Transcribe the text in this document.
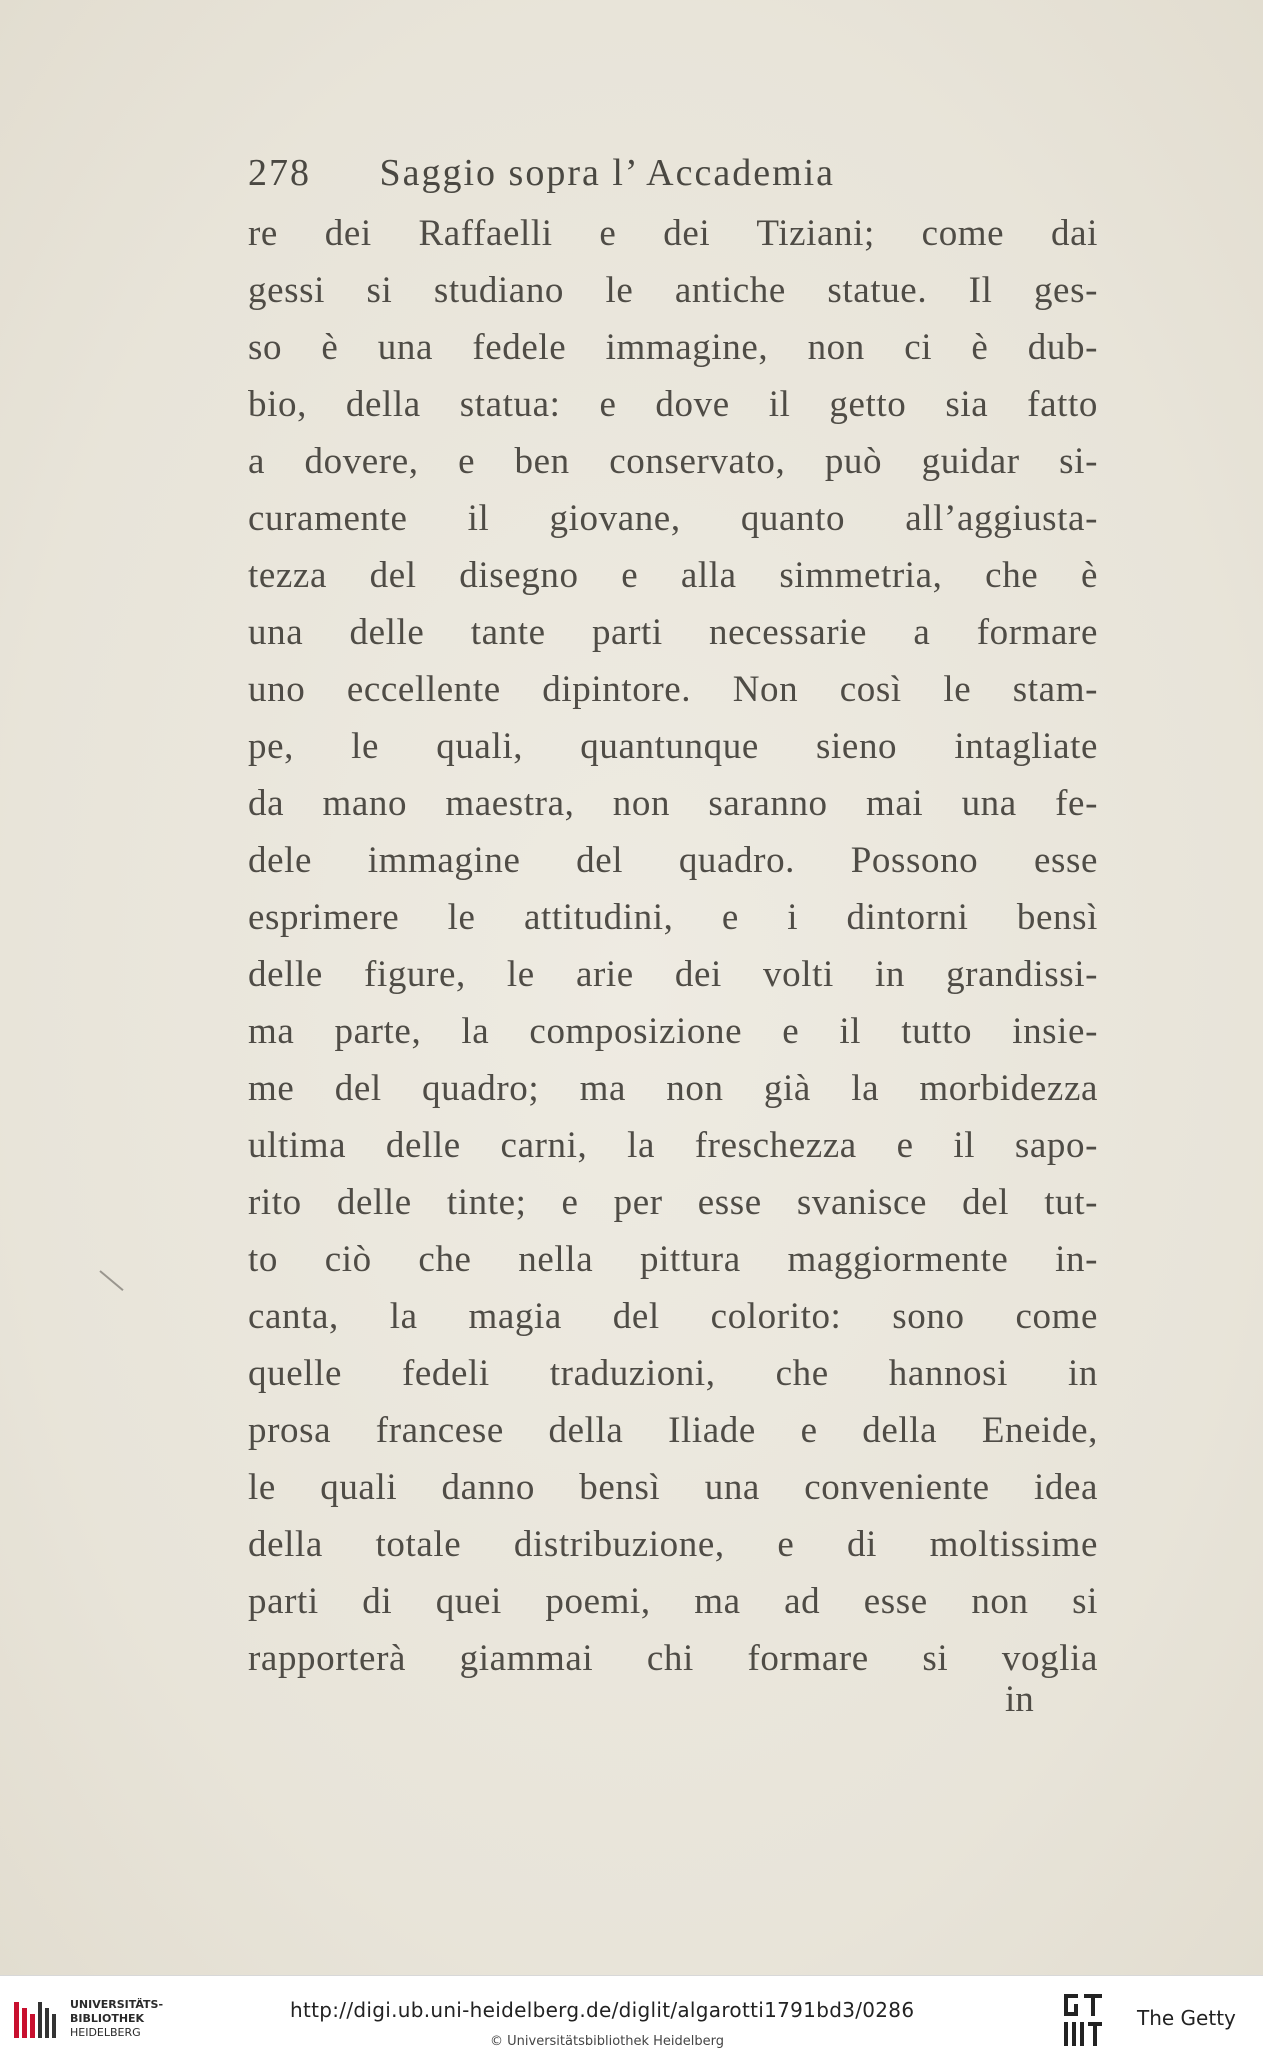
278 Saggio sopra l’ Accademia
re dei Raffaelli e dei Tiziani; come dai
gessi si studiano le antiche statue. Il ges-
so è una fedele immagine, non ci è dub-
bio, della statua: e dove il getto sia fatto
a dovere, e ben conservato, può guidar si-
curamente il giovane, quanto all’aggiusta-
tezza del disegno e alla simmetria, che è
una delle tante parti necessarie a formare
uno eccellente dipintore. Non così le stam-
pe, le quali, quantunque sieno intagliate
da mano maestra, non saranno mai una fe-
dele immagine del quadro. Possono esse
esprimere le attitudini, e i dintorni bensì
delle figure, le arie dei volti in grandissi-
ma parte, la composizione e il tutto insie-
me del quadro; ma non già la morbidezza
ultima delle carni, la freschezza e il sapo-
rito delle tinte; e per esse svanisce del tut-
to ciò che nella pittura maggiormente in-
canta, la magia del colorito: sono come
quelle fedeli traduzioni, che hannosi in
prosa francese della Iliade e della Eneide,
le quali danno bensì una conveniente idea
della totale distribuzione, e di moltissime
parti di quei poemi, ma ad esse non si
rapporterà giammai chi formare si voglia
in
UNIVERSITÄTS-
BIBLIOTHEK
HEIDELBERG
http://digi.ub.uni-heidelberg.de/diglit/algarotti1791bd3/0286
© Universitätsbibliothek Heidelberg
The Getty
